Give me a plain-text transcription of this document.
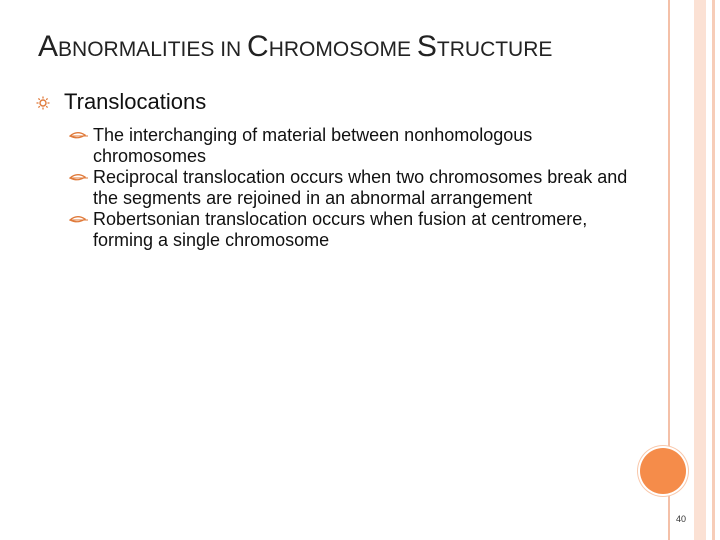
ABNORMALITIES IN CHROMOSOME STRUCTURE
Translocations
The interchanging of material between nonhomologous chromosomes
Reciprocal translocation occurs when two chromosomes break and the segments are rejoined in an abnormal arrangement
Robertsonian translocation occurs when fusion at centromere, forming a single chromosome
40
